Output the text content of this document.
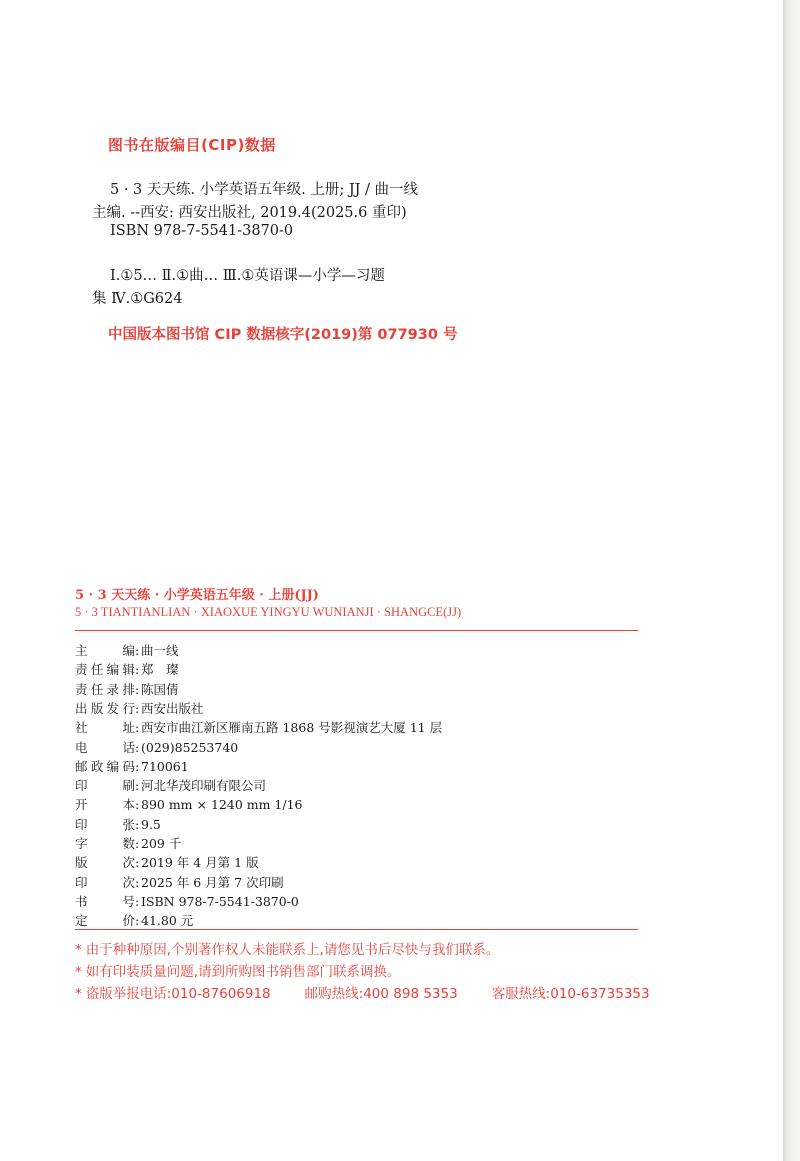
图书在版编目(CIP)数据
5 · 3 天天练. 小学英语五年级. 上册; JJ / 曲一线
主编. --西安: 西安出版社, 2019.4(2025.6 重印)
ISBN 978-7-5541-3870-0
Ⅰ.①5… Ⅱ.①曲… Ⅲ.①英语课—小学—习题
集 Ⅳ.①G624
中国版本图书馆 CIP 数据核字(2019)第 077930 号
5 · 3 天天练 · 小学英语五年级 · 上册(JJ)
5 · 3 TIANTIANLIAN · XIAOXUE YINGYU WUNIANJI · SHANGCE(JJ)
主编 : 曲一线
责任编辑 : 郑　璨
责任录排 : 陈国倩
出版发行 : 西安出版社
社址 : 西安市曲江新区雁南五路 1868 号影视演艺大厦 11 层
电话 : (029)85253740
邮政编码 : 710061
印刷 : 河北华茂印刷有限公司
开本 : 890 mm × 1240 mm 1/16
印张 : 9.5
字数 : 209 千
版次 : 2019 年 4 月第 1 版
印次 : 2025 年 6 月第 7 次印刷
书号 : ISBN 978-7-5541-3870-0
定价 : 41.80 元
* 由于种种原因,个别著作权人未能联系上,请您见书后尽快与我们联系。
* 如有印装质量问题,请到所购图书销售部门联系调换。
* 盗版举报电话:010-87606918	邮购热线:400 898 5353	客服热线:010-63735353
